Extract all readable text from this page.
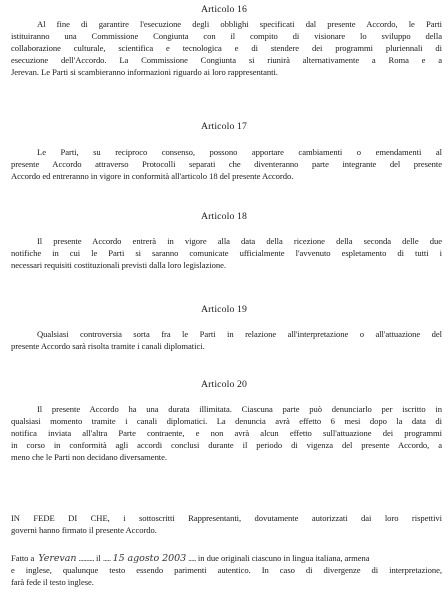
Articolo 16
Al fine di garantire l'esecuzione degli obblighi specificati dal presente Accordo, le Parti
istituiranno una Commissione Congiunta con il compito di visionare lo sviluppo della
collaborazione culturale, scientifica e tecnologica e di stendere dei programmi pluriennali di
esecuzione dell'Accordo. La Commissione Congiunta si riunirà alternativamente a Roma e a
Jerevan. Le Parti si scambieranno informazioni riguardo ai loro rappresentanti.
Articolo 17
Le Parti, su reciproco consenso, possono apportare cambiamenti o emendamenti al
presente Accordo attraverso Protocolli separati che diventeranno parte integrante del presente
Accordo ed entreranno in vigore in conformità all'articolo 18 del presente Accordo.
Articolo 18
Il presente Accordo entrerà in vigore alla data della ricezione della seconda delle due
notifiche in cui le Parti si saranno comunicate ufficialmente l'avvenuto espletamento di tutti i
necessari requisiti costituzionali previsti dalla loro legislazione.
Articolo 19
Qualsiasi controversia sorta fra le Parti in relazione all'interpretazione o all'attuazione del
presente Accordo sarà risolta tramite i canali diplomatici.
Articolo 20
Il presente Accordo ha una durata illimitata. Ciascuna parte può denunciarlo per iscritto in
qualsiasi momento tramite i canali diplomatici. La denuncia avrà effetto 6 mesi dopo la data di
notifica inviata all'altra Parte contraente, e non avrà alcun effetto sull'attuazione dei programmi
in corso in conformità agli accordi conclusi durante il periodo di vigenza del presente Accordo, a
meno che le Parti non decidano diversamente.
IN FEDE DI CHE, i sottoscritti Rappresentanti, dovutamente autorizzati dai loro rispettivi
governi hanno firmato il presente Accordo.
Fatto a Yerevan .......... il ..... 15 agosto 2003 ..... in due originali ciascuno in lingua italiana, armena
e inglese, qualunque testo essendo parimenti autentico. In caso di divergenze di interpretazione,
farà fede il testo inglese.
